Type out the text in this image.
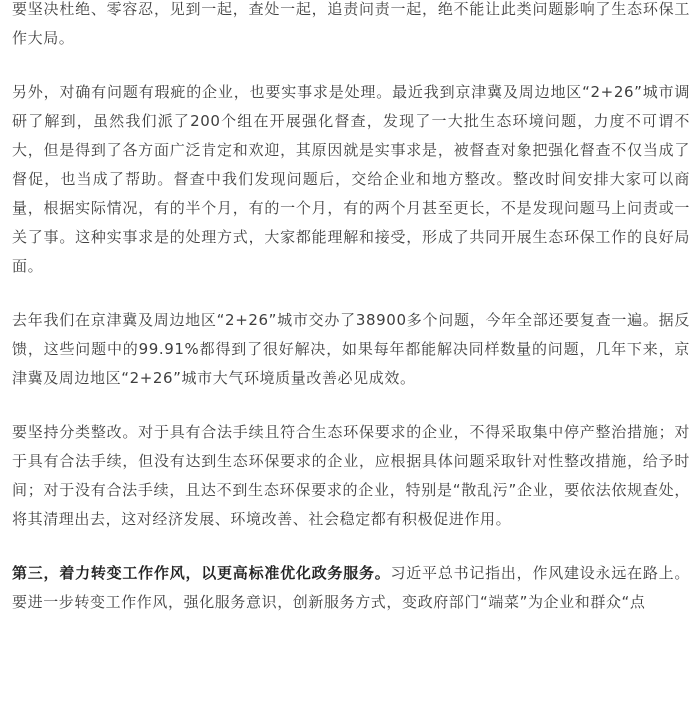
要坚决杜绝、零容忍，见到一起，查处一起，追责问责一起，绝不能让此类问题影响了生态环保工作大局。

另外，对确有问题有瑕疵的企业，也要实事求是处理。最近我到京津冀及周边地区“2+26”城市调研了解到，虽然我们派了200个组在开展强化督查，发现了一大批生态环境问题，力度不可谓不大，但是得到了各方面广泛肯定和欢迎，其原因就是实事求是，被督查对象把强化督查不仅当成了督促，也当成了帮助。督查中我们发现问题后，交给企业和地方整改。整改时间安排大家可以商量，根据实际情况，有的半个月，有的一个月，有的两个月甚至更长，不是发现问题马上问责或一关了事。这种实事求是的处理方式，大家都能理解和接受，形成了共同开展生态环保工作的良好局面。

去年我们在京津冀及周边地区“2+26”城市交办了38900多个问题，今年全部还要复查一遍。据反馈，这些问题中的99.91%都得到了很好解决，如果每年都能解决同样数量的问题，几年下来，京津冀及周边地区“2+26”城市大气环境质量改善必见成效。

要坚持分类整改。对于具有合法手续且符合生态环保要求的企业，不得采取集中停产整治措施；对于具有合法手续，但没有达到生态环保要求的企业，应根据具体问题采取针对性整改措施，给予时间；对于没有合法手续，且达不到生态环保要求的企业，特别是“散乱污”企业，要依法依规查处，将其清理出去，这对经济发展、环境改善、社会稳定都有积极促进作用。

第三，着力转变工作作风，以更高标准优化政务服务。习近平总书记指出，作风建设永远在路上。要进一步转变工作作风，强化服务意识，创新服务方式，变政府部门“端菜”为企业和群众“点
